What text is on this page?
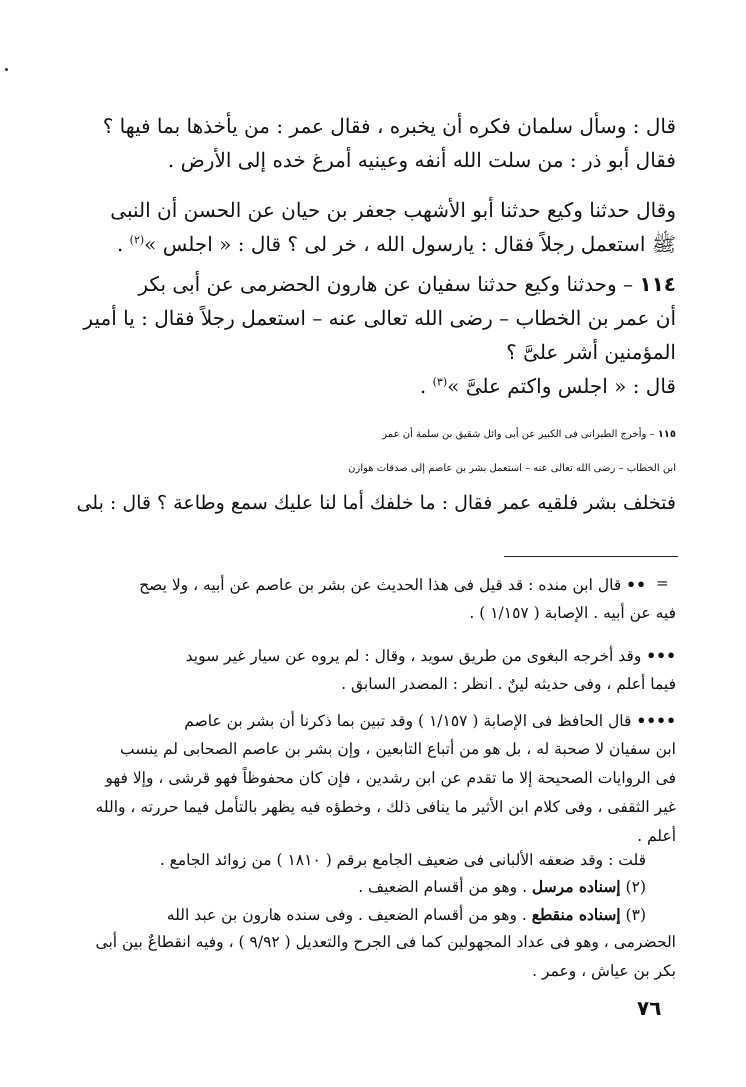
قال : وسأل سلمان فكره أن يخبره ، فقال عمر : من يأخذها بما فيها ؟
فقال أبو ذر : من سلت الله أنفه وعينيه أمرغ خده إلى الأرض .
وقال حدثنا وكيع حدثنا أبو الأشهب جعفر بن حيان عن الحسن أن النبى
ﷺ استعمل رجلاً فقال : يارسول الله ، خر لى ؟ قال : « اجلس »$^{(٢)}$ .
١١٤ – وحدثنا وكيع حدثنا سفيان عن هارون الحضرمى عن أبى بكر
أن عمر بن الخطاب – رضى الله تعالى عنه – استعمل رجلاً فقال : يا أمير
المؤمنين أشر علىَّ ؟
قال : « اجلس واكتم علىَّ »$^{(٣)}$ .
١١٥ – وأخرج الطبرانى فى الكبير عن أبى وائل شقيق بن سلمة أن عمر
ابن الخطاب – رضى الله تعالى عنه – استعمل بشر بن عاصم إلى صدقات هوازن
فتخلف بشر فلقيه عمر فقال : ما خلفك أما لنا عليك سمع وطاعة ؟ قال : بلى
=
•• قال ابن منده : قد قيل فى هذا الحديث عن بشر بن عاصم عن أبيه ، ولا يصح
فيه عن أبيه . الإصابة ( ١/١٥٧ ) .
••• وقد أخرجه البغوى من طريق سويد ، وقال : لم يروه عن سيار غير سويد
فيما أعلم ، وفى حديثه لينٌ . انظر : المصدر السابق .
•••• قال الحافظ فى الإصابة ( ١/١٥٧ ) وقد تبين بما ذكرنا أن بشر بن عاصم
ابن سفيان لا صحبة له ، بل هو من أتباع التابعين ، وإن بشر بن عاصم الصحابى لم ينسب
فى الروايات الصحيحة إلا ما تقدم عن ابن رشدين ، فإن كان محفوظاً فهو قرشى ، وإلا فهو
غير الثقفى ، وفى كلام ابن الأثير ما ينافى ذلك ، وخطؤه فيه يظهر بالتأمل فيما حررته ، والله
أعلم .
قلت : وقد ضعفه الألبانى فى ضعيف الجامع برقم ( ١٨١٠ ) من زوائد الجامع .
(٢) إسناده مرسل . وهو من أقسام الضعيف .
(٣) إسناده منقطع . وهو من أقسام الضعيف . وفى سنده هارون بن عبد الله
الحضرمى ، وهو فى عداد المجهولين كما فى الجرح والتعديل ( ٩/٩٢ ) ، وفيه انقطاعٌ بين أبى
بكر بن عياش ، وعمر .
٧٦
